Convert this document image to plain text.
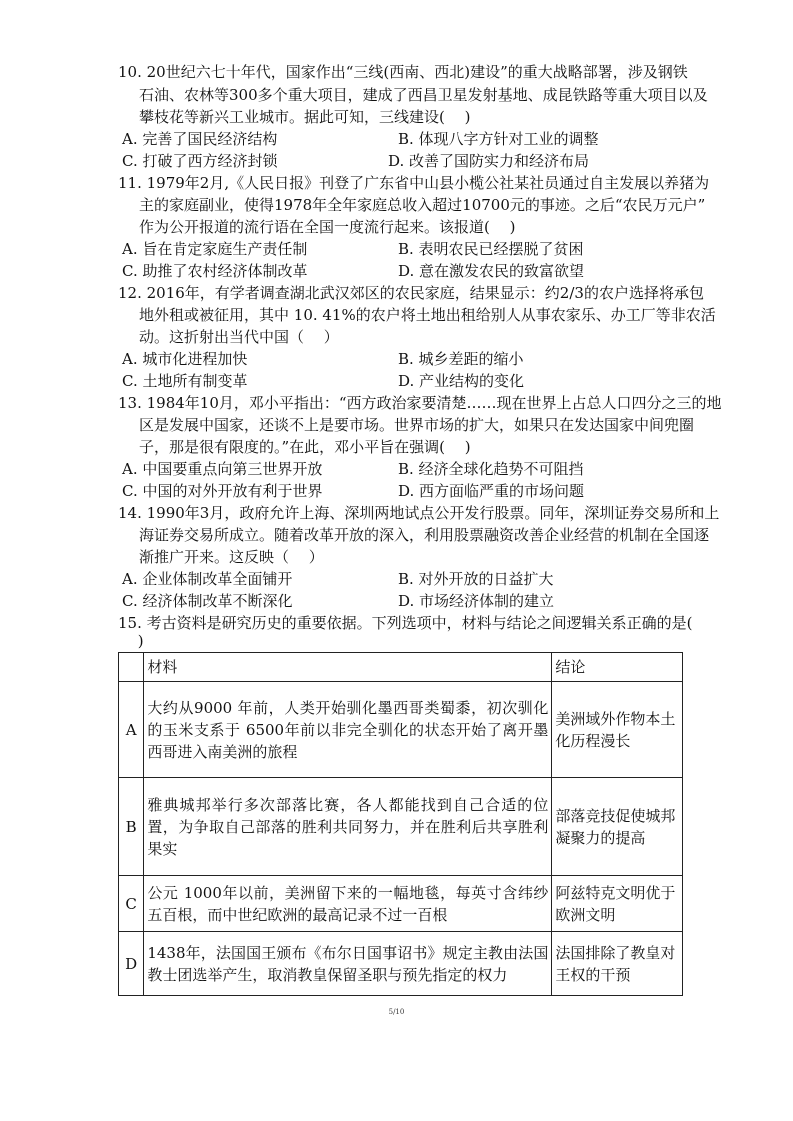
10. 20世纪六七十年代，国家作出“三线(西南、西北)建设”的重大战略部署，涉及钢铁
石油、农林等300多个重大项目，建成了西昌卫星发射基地、成昆铁路等重大项目以及
攀枝花等新兴工业城市。据此可知，三线建设(　 )
A. 完善了国民经济结构	B. 体现八字方针对工业的调整
C. 打破了西方经济封锁	D. 改善了国防实力和经济布局
11. 1979年2月,《人民日报》刊登了广东省中山县小榄公社某社员通过自主发展以养猪为
主的家庭副业，使得1978年全年家庭总收入超过10700元的事迹。之后“农民万元户”
作为公开报道的流行语在全国一度流行起来。该报道(　 )
A. 旨在肯定家庭生产责任制	B. 表明农民已经摆脱了贫困
C. 助推了农村经济体制改革	D. 意在激发农民的致富欲望
12. 2016年，有学者调查湖北武汉郊区的农民家庭，结果显示：约2/3的农户选择将承包
地外租或被征用，其中 10. 41%的农户将土地出租给别人从事农家乐、办工厂等非农活
动。这折射出当代中国（　 ）
A. 城市化进程加快	B. 城乡差距的缩小
C. 土地所有制变革	D. 产业结构的变化
13. 1984年10月，邓小平指出：“西方政治家要清楚……现在世界上占总人口四分之三的地
区是发展中国家，还谈不上是要市场。世界市场的扩大，如果只在发达国家中间兜圈
子，那是很有限度的。”在此，邓小平旨在强调(　 )
A. 中国要重点向第三世界开放	B. 经济全球化趋势不可阻挡
C. 中国的对外开放有利于世界	D. 西方面临严重的市场问题
14. 1990年3月，政府允许上海、深圳两地试点公开发行股票。同年，深圳证券交易所和上
海证券交易所成立。随着改革开放的深入，利用股票融资改善企业经营的机制在全国逐
渐推广开来。这反映（　 ）
A. 企业体制改革全面铺开	B. 对外开放的日益扩大
C. 经济体制改革不断深化	D. 市场经济体制的建立
15. 考古资料是研究历史的重要依据。下列选项中，材料与结论之间逻辑关系正确的是(
　 )
	材料	结论
A	大约从9000 年前，人类开始驯化墨西哥类蜀黍，初次驯化的玉米支系于 6500年前以非完全驯化的状态开始了离开墨西哥进入南美洲的旅程	美洲域外作物本土化历程漫长
B	雅典城邦举行多次部落比赛，各人都能找到自己合适的位置，为争取自己部落的胜利共同努力，并在胜利后共享胜利果实	部落竞技促使城邦凝聚力的提高
C	公元 1000年以前，美洲留下来的一幅地毯，每英寸含纬纱五百根，而中世纪欧洲的最高记录不过一百根	阿兹特克文明优于欧洲文明
D	1438年，法国国王颁布《布尔日国事诏书》规定主教由法国教士团选举产生，取消教皇保留圣职与预先指定的权力	法国排除了教皇对王权的干预
5/10
